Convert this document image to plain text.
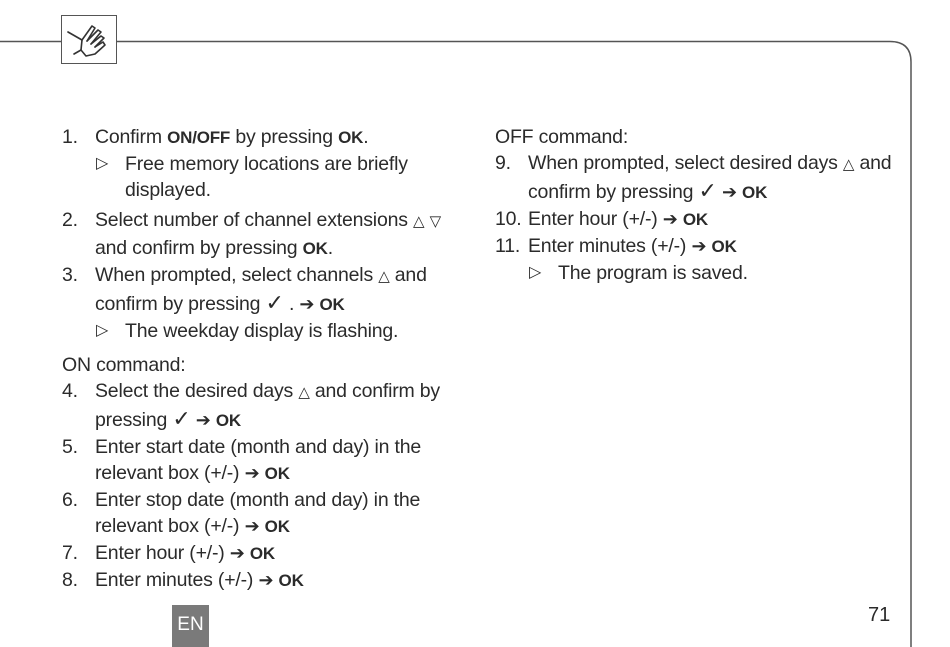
1. Confirm ON/OFF by pressing OK.
▷ Free memory locations are briefly displayed.
2. Select number of channel extensions △ ▽ and confirm by pressing OK.
3. When prompted, select channels △ and confirm by pressing ✓ . ➔ OK
▷ The weekday display is flashing.
ON command:
4. Select the desired days △ and confirm by pressing ✓ ➔ OK
5. Enter start date (month and day) in the relevant box (+/-) ➔ OK
6. Enter stop date (month and day) in the relevant box (+/-) ➔ OK
7. Enter hour (+/-) ➔ OK
8. Enter minutes (+/-) ➔ OK
OFF command:
9. When prompted, select desired days △ and confirm by pressing ✓ ➔ OK
10. Enter hour (+/-) ➔ OK
11. Enter minutes (+/-) ➔ OK
▷ The program is saved.
EN	71
